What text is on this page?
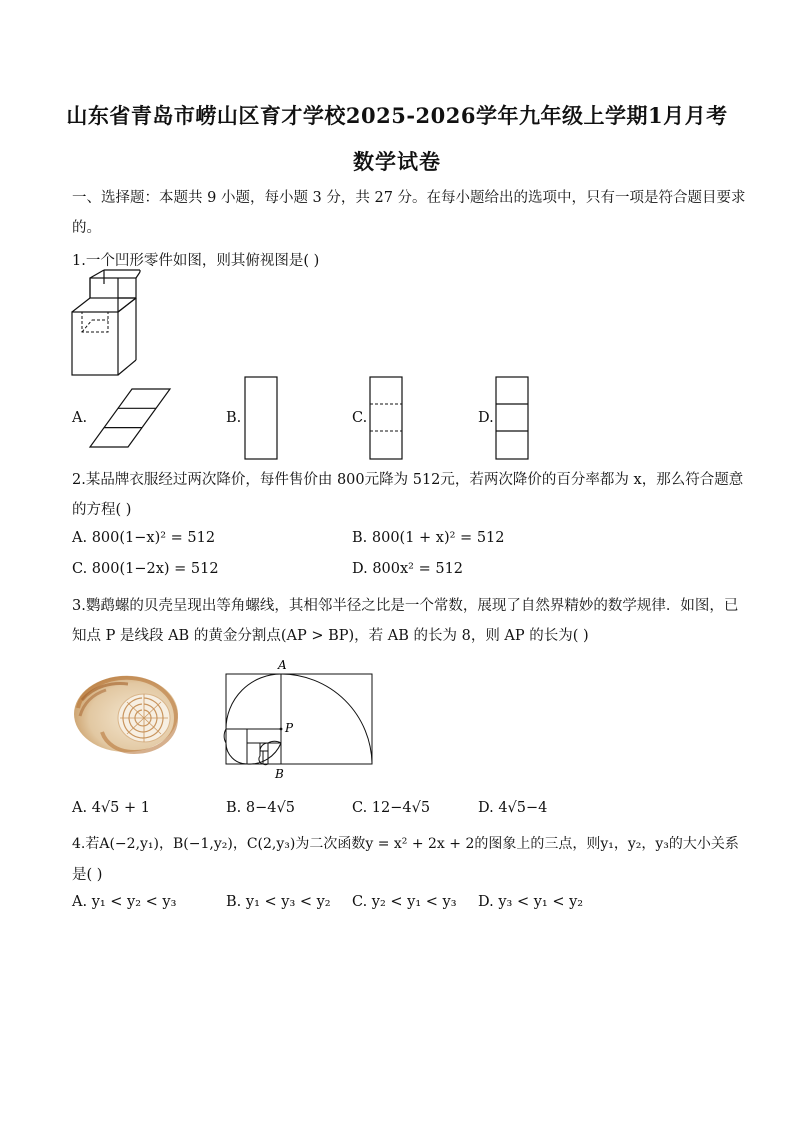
山东省青岛市崂山区育才学校2025-2026学年九年级上学期1月月考
数学试卷
一、选择题：本题共 9 小题，每小题 3 分，共 27 分。在每小题给出的选项中，只有一项是符合题目要求
的。
1.一个凹形零件如图，则其俯视图是( )
A.	B.	C.	D.
2.某品牌衣服经过两次降价，每件售价由 800元降为 512元，若两次降价的百分率都为 x，那么符合题意
的方程( )
A. 800(1−x)² = 512	B. 800(1 + x)² = 512
C. 800(1−2x) = 512	D. 800x² = 512
3.鹦鹉螺的贝壳呈现出等角螺线，其相邻半径之比是一个常数，展现了自然界精妙的数学规律．如图，已
知点 P 是线段 AB 的黄金分割点(AP > BP)，若 AB 的长为 8，则 AP 的长为( )
A
P
B
A. 4√5 + 1	B. 8−4√5	C. 12−4√5	D. 4√5−4
4.若A(−2,y₁)，B(−1,y₂)，C(2,y₃)为二次函数y = x² + 2x + 2的图象上的三点，则y₁，y₂，y₃的大小关系
是( )
A. y₁ < y₂ < y₃	B. y₁ < y₃ < y₂ C. y₂ < y₁ < y₃ D. y₃ < y₁ < y₂
